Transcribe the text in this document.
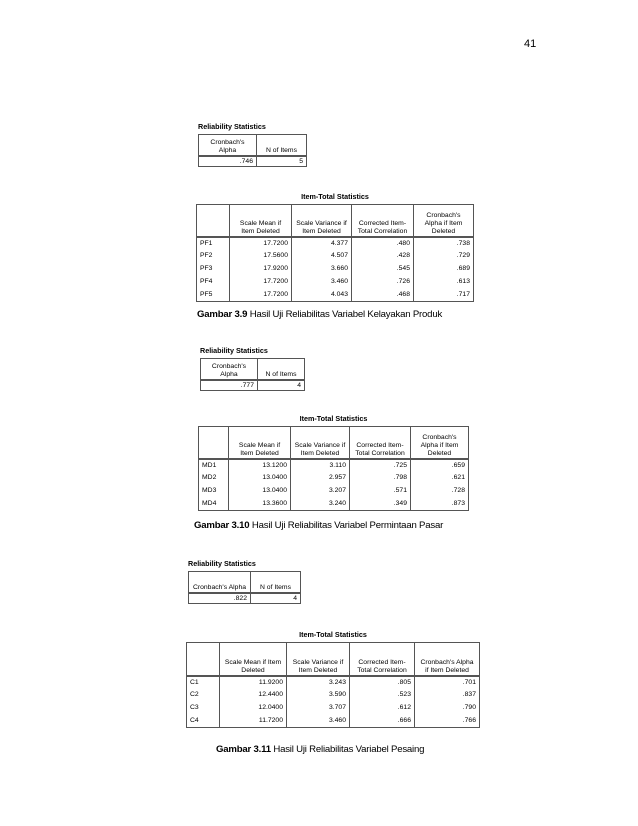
41
Reliability Statistics
Cronbach's Alpha	N of Items
.746	5
Item-Total Statistics
	Scale Mean if Item Deleted	Scale Variance if Item Deleted	Corrected Item-Total Correlation	Cronbach's Alpha if Item Deleted
PF1	17.7200	4.377	.480	.738
PF2	17.5600	4.507	.428	.729
PF3	17.9200	3.660	.545	.689
PF4	17.7200	3.460	.726	.613
PF5	17.7200	4.043	.468	.717
Gambar 3.9 Hasil Uji Reliabilitas Variabel Kelayakan Produk
Reliability Statistics
Cronbach's Alpha	N of Items
.777	4
Item-Total Statistics
	Scale Mean if Item Deleted	Scale Variance if Item Deleted	Corrected Item-Total Correlation	Cronbach's Alpha if Item Deleted
MD1	13.1200	3.110	.725	.659
MD2	13.0400	2.957	.798	.621
MD3	13.0400	3.207	.571	.728
MD4	13.3600	3.240	.349	.873
Gambar 3.10 Hasil Uji Reliabilitas Variabel Permintaan Pasar
Reliability Statistics
Cronbach's Alpha	N of Items
.822	4
Item-Total Statistics
	Scale Mean if Item Deleted	Scale Variance if Item Deleted	Corrected Item-Total Correlation	Cronbach's Alpha if Item Deleted
C1	11.9200	3.243	.805	.701
C2	12.4400	3.590	.523	.837
C3	12.0400	3.707	.612	.790
C4	11.7200	3.460	.666	.766
Gambar 3.11 Hasil Uji Reliabilitas Variabel Pesaing
